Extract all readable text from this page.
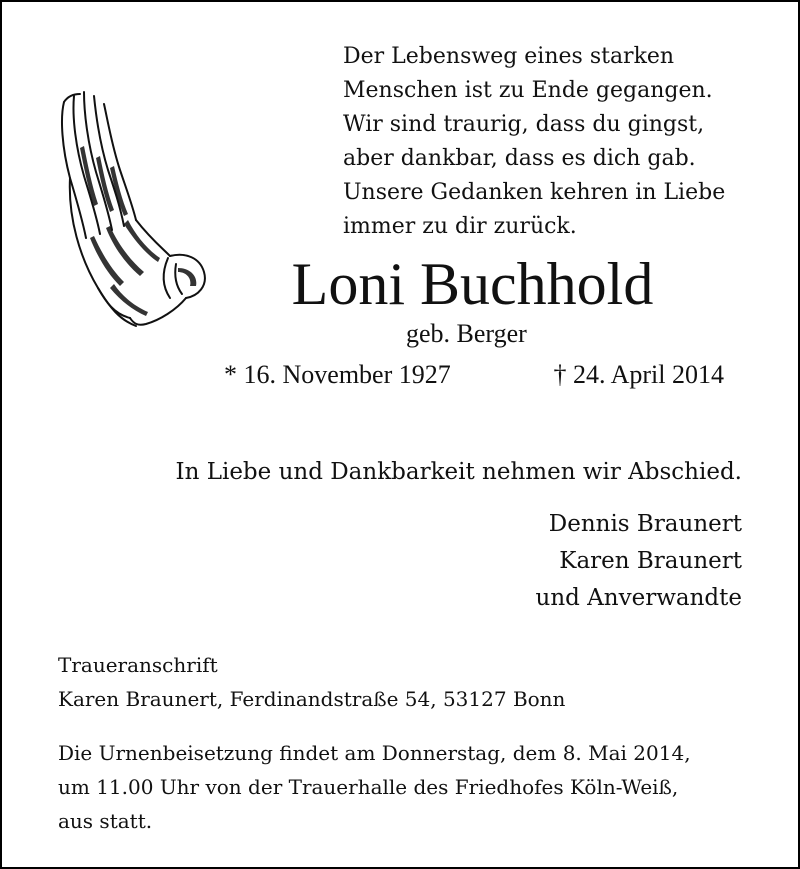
Der Lebensweg eines starken
Menschen ist zu Ende gegangen.
Wir sind traurig, dass du gingst,
aber dankbar, dass es dich gab.
Unsere Gedanken kehren in Liebe
immer zu dir zurück.
Loni Buchhold
geb. Berger
* 16. November 1927	† 24. April 2014
In Liebe und Dankbarkeit nehmen wir Abschied.
Dennis Braunert
Karen Braunert
und Anverwandte
Traueranschrift
Karen Braunert, Ferdinandstraße 54, 53127 Bonn
Die Urnenbeisetzung findet am Donnerstag, dem 8. Mai 2014,
um 11.00 Uhr von der Trauerhalle des Friedhofes Köln-Weiß,
aus statt.
